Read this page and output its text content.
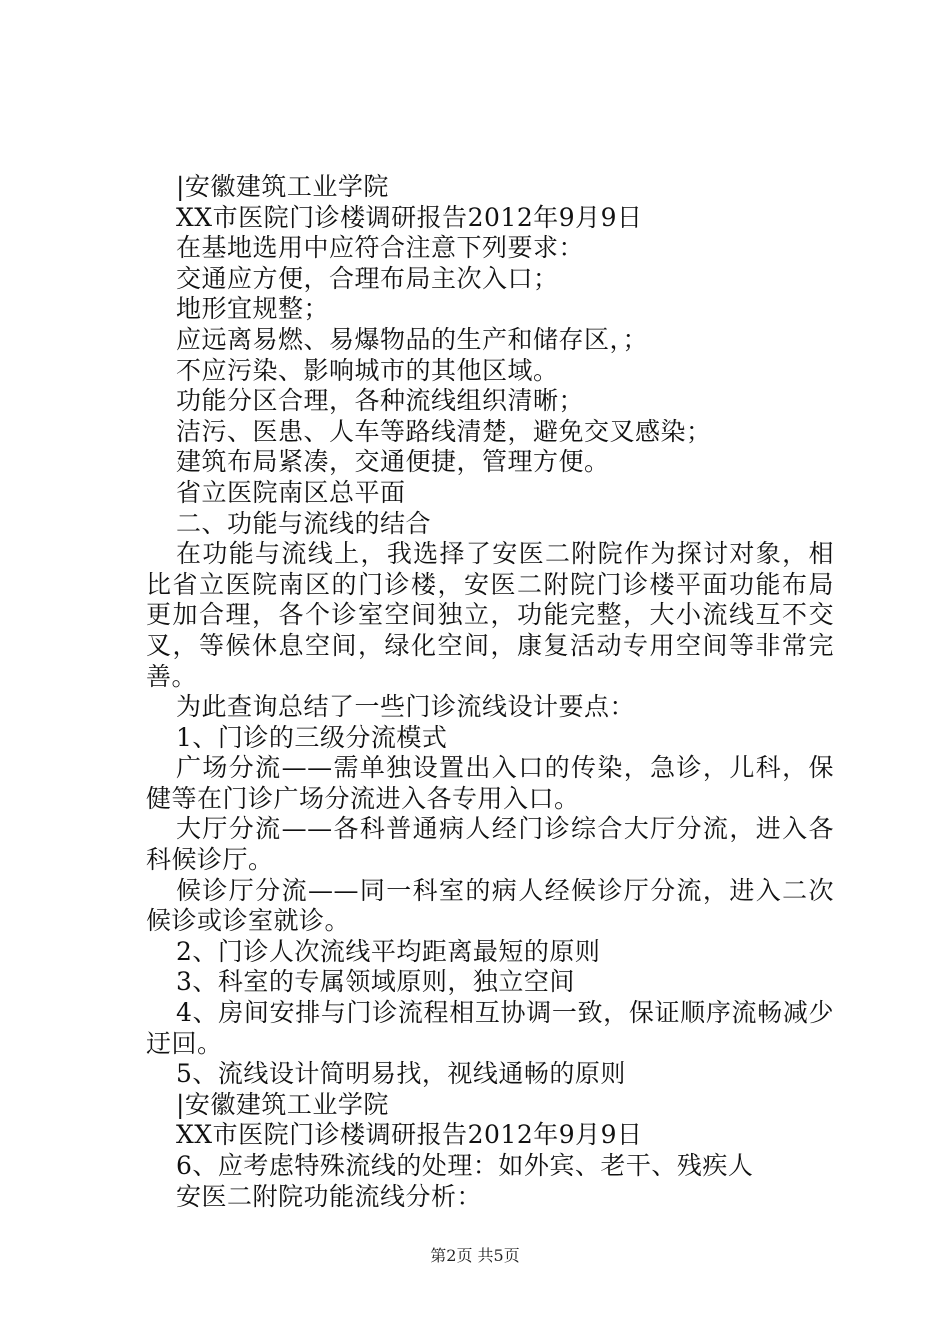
|安徽建筑工业学院

XX市医院门诊楼调研报告2012年9月9日

在基地选用中应符合注意下列要求：

交通应方便，合理布局主次入口；

地形宜规整；

应远离易燃、易爆物品的生产和储存区，；

不应污染、影响城市的其他区域。

功能分区合理，各种流线组织清晰；

洁污、医患、人车等路线清楚，避免交叉感染；

建筑布局紧凑，交通便捷，管理方便。

省立医院南区总平面

二、功能与流线的结合

在功能与流线上，我选择了安医二附院作为探讨对象，相比省立医院南区的门诊楼，安医二附院门诊楼平面功能布局更加合理，各个诊室空间独立，功能完整，大小流线互不交叉，等候休息空间，绿化空间，康复活动专用空间等非常完善。

为此查询总结了一些门诊流线设计要点：

1、门诊的三级分流模式

广场分流——需单独设置出入口的传染，急诊，儿科，保健等在门诊广场分流进入各专用入口。

大厅分流——各科普通病人经门诊综合大厅分流，进入各科候诊厅。

候诊厅分流——同一科室的病人经候诊厅分流，进入二次候诊或诊室就诊。

2、门诊人次流线平均距离最短的原则

3、科室的专属领域原则，独立空间

4、房间安排与门诊流程相互协调一致，保证顺序流畅减少迂回。

5、流线设计简明易找，视线通畅的原则

|安徽建筑工业学院

XX市医院门诊楼调研报告2012年9月9日

6、应考虑特殊流线的处理：如外宾、老干、残疾人

安医二附院功能流线分析：

第2页 共5页
